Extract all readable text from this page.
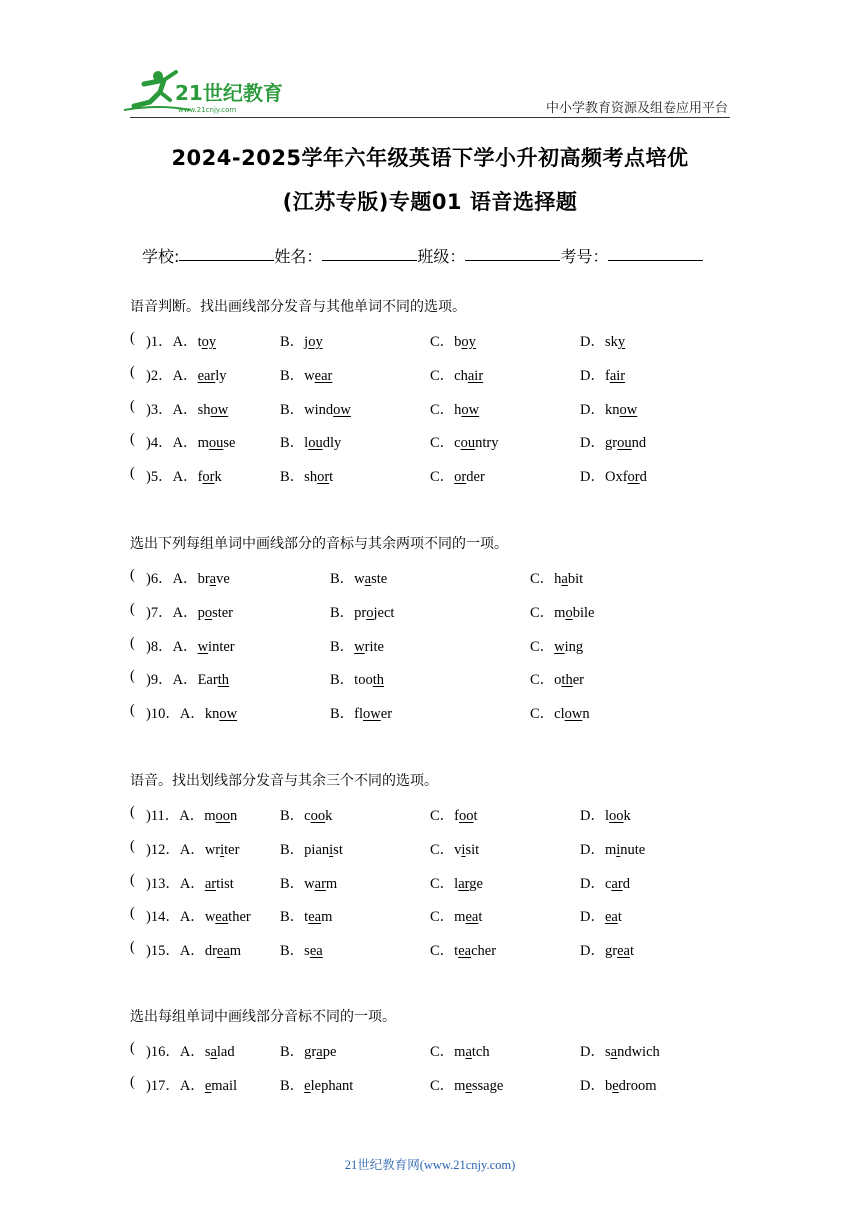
21世纪教育
www.21cnjy.com	中小学教育资源及组卷应用平台
2024-2025学年六年级英语下学小升初高频考点培优
(江苏专版)专题01 语音选择题
学校:	姓名：	班级：	考号：
语音判断。找出画线部分发音与其他单词不同的选项。
( )1．A．toy	B．joy	C．boy	D．sky
( )2．A．early	B．wear	C．chair	D．fair
( )3．A．show	B．window	C．how	D．know
( )4．A．mouse	B．loudly	C．country	D．ground
( )5．A．fork	B．short	C．order	D．Oxford
选出下列每组单词中画线部分的音标与其余两项不同的一项。
( )6．A．brave	B．waste	C．habit
( )7．A．poster	B．project	C．mobile
( )8．A．winter	B．write	C．wing
( )9．A．Earth	B．tooth	C．other
( )10．A．know	B．flower	C．clown
语音。找出划线部分发音与其余三个不同的选项。
( )11．A．moon	B．cook	C．foot	D．look
( )12．A．writer	B．pianist	C．visit	D．minute
( )13．A．artist	B．warm	C．large	D．card
( )14．A．weather B．team	C．meat	D．eat
( )15．A．dream	B．sea	C．teacher	D．great
选出每组单词中画线部分音标不同的一项。
( )16．A．salad	B．grape	C．match	D．sandwich
( )17．A．email	B．elephant	C．message	D．bedroom
21世纪教育网(www.21cnjy.com)
